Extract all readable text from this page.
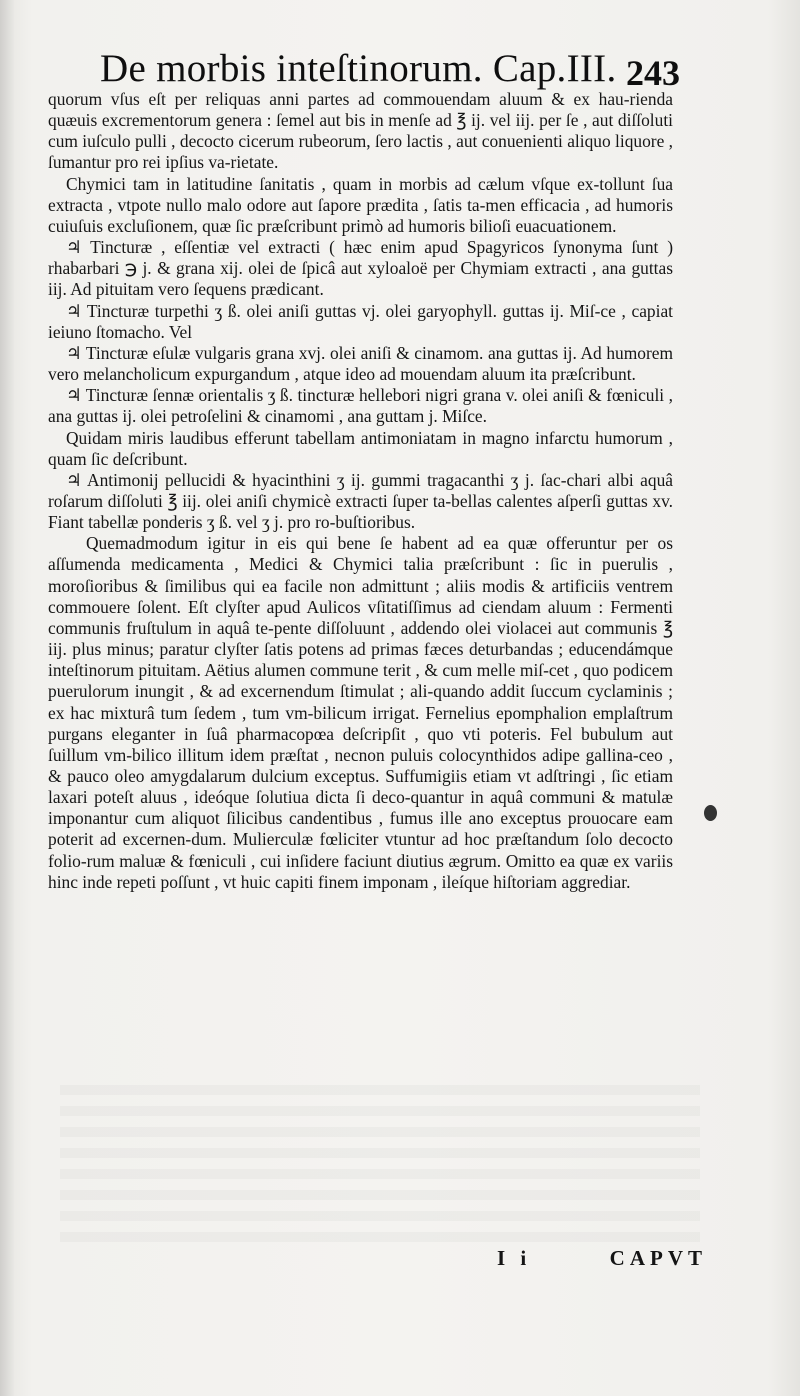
De morbis inteſtinorum. Cap.III. 243

quorum vſus eſt per reliquas anni partes ad commouendam aluum & ex hau-rienda quæuis excrementorum genera : ſemel aut bis in menſe ad ℥ ij. vel iij. per ſe , aut diſſoluti cum iuſculo pulli , decocto cicerum rubeorum, ſero lactis , aut conuenienti aliquo liquore , ſumantur pro rei ipſius va-rietate.

Chymici tam in latitudine ſanitatis , quam in morbis ad cælum vſque ex-tollunt ſua extracta , vtpote nullo malo odore aut ſapore prædita , ſatis ta-men efficacia , ad humoris cuiuſuis excluſionem, quæ ſic præſcribunt primò ad humoris bilioſi euacuationem.

♃ Tincturæ , eſſentiæ vel extracti ( hæc enim apud Spagyricos ſynonyma ſunt ) rhabarbari ℈ j. & grana xij. olei de ſpicâ aut xyloaloë per Chymiam extracti , ana guttas iij. Ad pituitam vero ſequens prædicant.

♃ Tincturæ turpethi ʒ ß. olei aniſi guttas vj. olei garyophyll. guttas ij. Miſ-ce , capiat ieiuno ſtomacho. Vel

♃ Tincturæ eſulæ vulgaris grana xvj. olei aniſi & cinamom. ana guttas ij. Ad humorem vero melancholicum expurgandum , atque ideo ad mouendam aluum ita præſcribunt.

♃ Tincturæ ſennæ orientalis ʒ ß. tincturæ hellebori nigri grana v. olei aniſi & fœniculi , ana guttas ij. olei petroſelini & cinamomi , ana guttam j. Miſce.

Quidam miris laudibus efferunt tabellam antimoniatam in magno infarctu humorum , quam ſic deſcribunt.

♃ Antimonij pellucidi & hyacinthini ʒ ij. gummi tragacanthi ʒ j. ſac-chari albi aquâ roſarum diſſoluti ℥ iij. olei aniſi chymicè extracti ſuper ta-bellas calentes aſperſi guttas xv. Fiant tabellæ ponderis ʒ ß. vel ʒ j. pro ro-buſtioribus.

Quemadmodum igitur in eis qui bene ſe habent ad ea quæ offeruntur per os aſſumenda medicamenta , Medici & Chymici talia præſcribunt : ſic in puerulis , moroſioribus & ſimilibus qui ea facile non admittunt ; aliis modis & artificiis ventrem commouere ſolent. Eſt clyſter apud Aulicos vſitatiſſimus ad ciendam aluum : Fermenti communis fruſtulum in aquâ te-pente diſſoluunt , addendo olei violacei aut communis ℥ iij. plus minus; paratur clyſter ſatis potens ad primas fæces deturbandas ; educendámque inteſtinorum pituitam. Aëtius alumen commune terit , & cum melle miſ-cet , quo podicem puerulorum inungit , & ad excernendum ſtimulat ; ali-quando addit ſuccum cyclaminis ; ex hac mixturâ tum ſedem , tum vm-bilicum irrigat. Fernelius epomphalion emplaſtrum purgans eleganter in ſuâ pharmacopœa deſcripſit , quo vti poteris. Fel bubulum aut ſuillum vm-bilico illitum idem præſtat , necnon puluis colocynthidos adipe gallina-ceo , & pauco oleo amygdalarum dulcium exceptus. Suffumigiis etiam vt adſtringi , ſic etiam laxari poteſt aluus , ideóque ſolutiua dicta ſi deco-quantur in aquâ communi & matulæ imponantur cum aliquot ſilicibus candentibus , fumus ille ano exceptus prouocare eam poterit ad excernen-dum. Mulierculæ fœliciter vtuntur ad hoc præſtandum ſolo decocto folio-rum maluæ & fœniculi , cui inſidere faciunt diutius ægrum. Omitto ea quæ ex variis hinc inde repeti poſſunt , vt huic capiti finem imponam , ileíque hiſtoriam aggrediar.

I i	CAPVT
